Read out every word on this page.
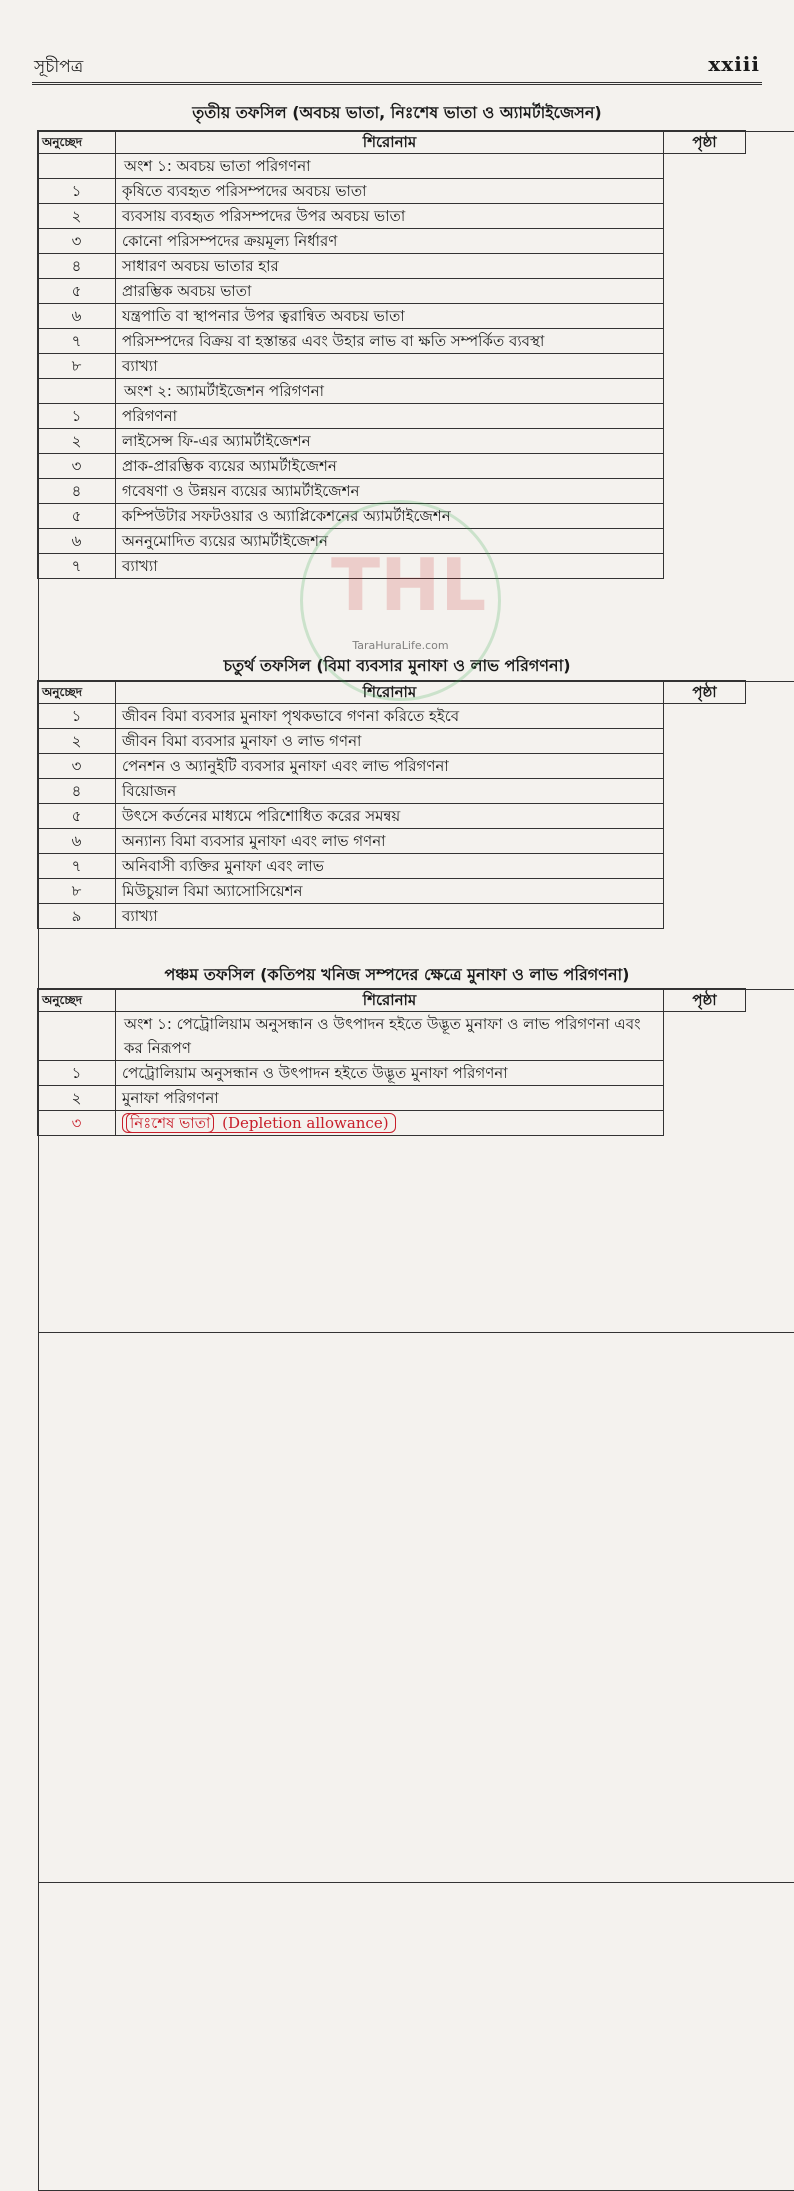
সূচীপত্র	xxiii
তৃতীয় তফসিল (অবচয় ভাতা, নিঃশেষ ভাতা ও অ্যামর্টাইজেসন)
অনুচ্ছেদ	শিরোনাম	পৃষ্ঠা
	অংশ ১: অবচয় ভাতা পরিগণনা	

১	কৃষিতে ব্যবহৃত পরিসম্পদের অবচয় ভাতা	

২	ব্যবসায় ব্যবহৃত পরিসম্পদের উপর অবচয় ভাতা	

৩	কোনো পরিসম্পদের ক্রয়মূল্য নির্ধারণ	

৪	সাধারণ অবচয় ভাতার হার	

৫	প্রারম্ভিক অবচয় ভাতা	

৬	যন্ত্রপাতি বা স্থাপনার উপর ত্বরান্বিত অবচয় ভাতা	

৭	পরিসম্পদের বিক্রয় বা হস্তান্তর এবং উহার লাভ বা ক্ষতি সম্পর্কিত ব্যবস্থা	

৮	ব্যাখ্যা	

	অংশ ২: অ্যামর্টাইজেশন পরিগণনা	

১	পরিগণনা	

২	লাইসেন্স ফি-এর অ্যামর্টাইজেশন	

৩	প্রাক-প্রারম্ভিক ব্যয়ের অ্যামর্টাইজেশন	

৪	গবেষণা ও উন্নয়ন ব্যয়ের অ্যামর্টাইজেশন	

৫	কম্পিউটার সফটওয়ার ও অ্যাপ্লিকেশনের অ্যামর্টাইজেশন	

৬	অননুমোদিত ব্যয়ের অ্যামর্টাইজেশন	

৭	ব্যাখ্যা	
চতুর্থ তফসিল (বিমা ব্যবসার মুনাফা ও লাভ পরিগণনা)
অনুচ্ছেদ	শিরোনাম	পৃষ্ঠা
১	জীবন বিমা ব্যবসার মুনাফা পৃথকভাবে গণনা করিতে হইবে	

২	জীবন বিমা ব্যবসার মুনাফা ও লাভ গণনা	

৩	পেনশন ও অ্যানুইটি ব্যবসার মুনাফা এবং লাভ পরিগণনা	

৪	বিয়োজন	

৫	উৎসে কর্তনের মাধ্যমে পরিশোধিত করের সমন্বয়	

৬	অন্যান্য বিমা ব্যবসার মুনাফা এবং লাভ গণনা	

৭	অনিবাসী ব্যক্তির মুনাফা এবং লাভ	

৮	মিউচুয়াল বিমা অ্যাসোসিয়েশন	

৯	ব্যাখ্যা	
পঞ্চম তফসিল (কতিপয় খনিজ সম্পদের ক্ষেত্রে মুনাফা ও লাভ পরিগণনা)
অনুচ্ছেদ	শিরোনাম	পৃষ্ঠা
	অংশ ১: পেট্রোলিয়াম অনুসন্ধান ও উৎপাদন হইতে উদ্ভূত মুনাফা ও লাভ পরিগণনা এবং কর নিরূপণ	

১	পেট্রোলিয়াম অনুসন্ধান ও উৎপাদন হইতে উদ্ভূত মুনাফা পরিগণনা	

২	মুনাফা পরিগণনা	

৩	নিঃশেষ ভাতা (Depletion allowance)	
THL
TaraHuraLife.com
